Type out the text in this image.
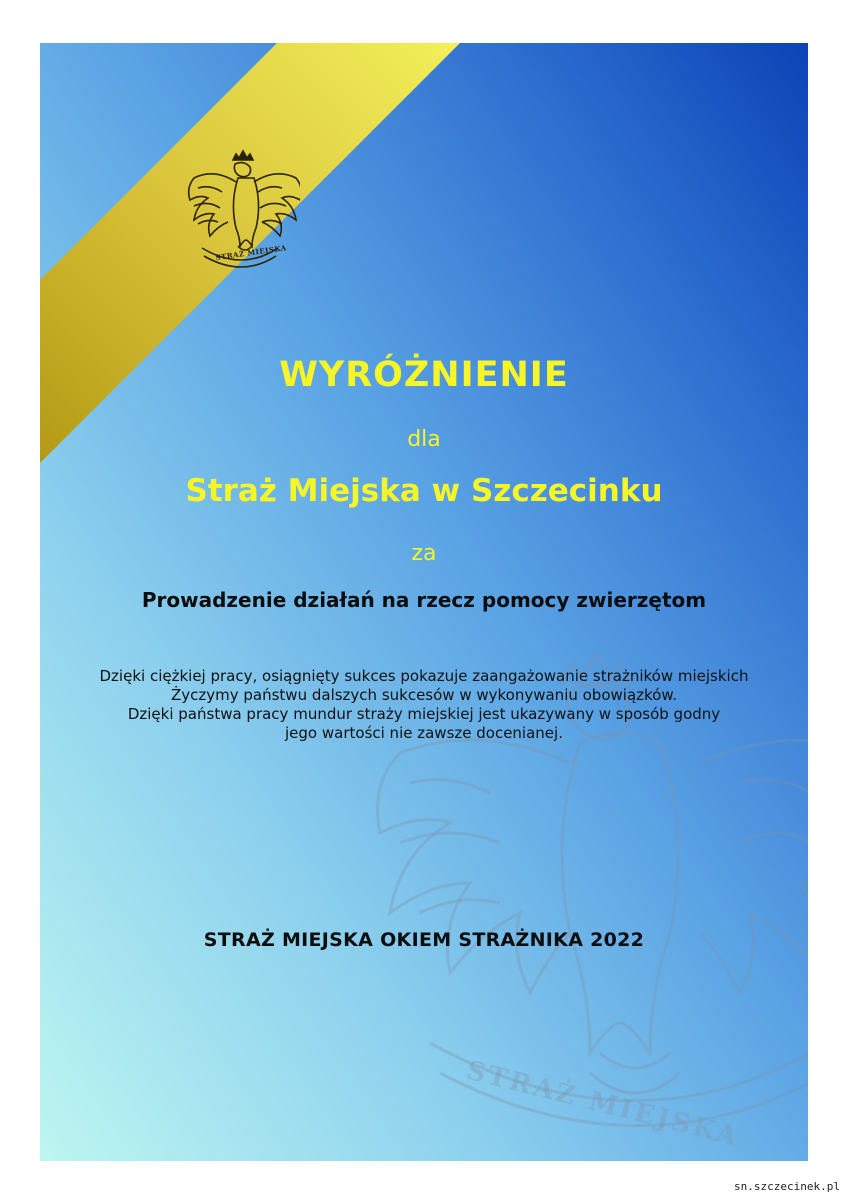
STRAŻ MIEJSKA
STRAŻ MIEJSKA
WYRÓŻNIENIE

dla

Straż Miejska w Szczecinku

za

Prowadzenie działań na rzecz pomocy zwierzętom

Dzięki ciężkiej pracy, osiągnięty sukces pokazuje zaangażowanie strażników miejskich
Życzymy państwu dalszych sukcesów w wykonywaniu obowiązków.
Dzięki państwa pracy mundur straży miejskiej jest ukazywany w sposób godny
jego wartości nie zawsze docenianej.

STRAŻ MIEJSKA OKIEM STRAŻNIKA 2022

sn.szczecinek.pl
